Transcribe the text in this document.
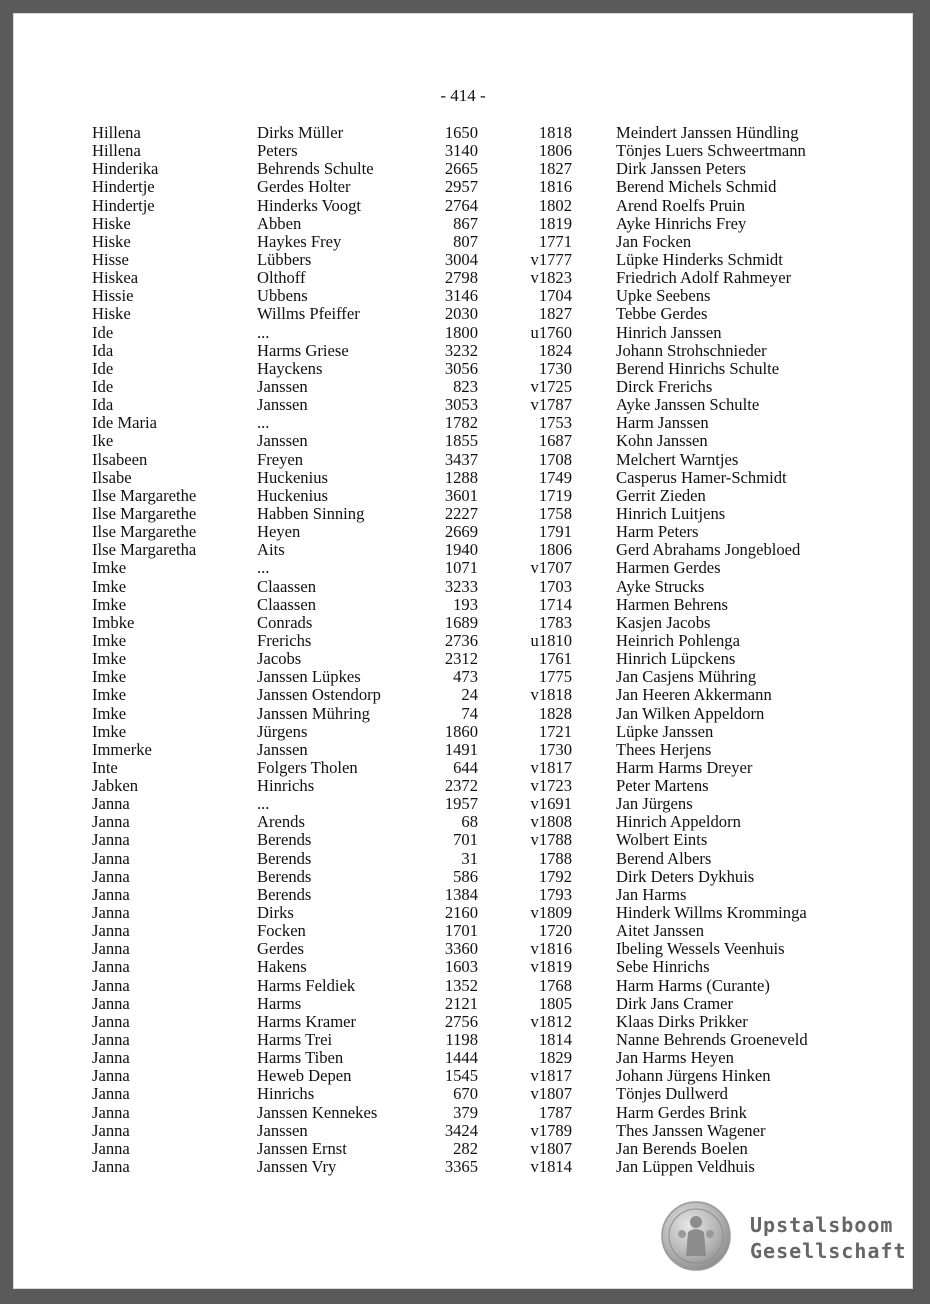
- 414 -
Hillena	Dirks Müller	1650	1818	Meindert Janssen Hündling
Hillena	Peters	3140	1806	Tönjes Luers Schweertmann
Hinderika	Behrends Schulte	2665	1827	Dirk Janssen Peters
Hindertje	Gerdes Holter	2957	1816	Berend Michels Schmid
Hindertje	Hinderks Voogt	2764	1802	Arend Roelfs Pruin
Hiske	Abben	867	1819	Ayke Hinrichs Frey
Hiske	Haykes Frey	807	1771	Jan Focken
Hisse	Lübbers	3004	v1777	Lüpke Hinderks Schmidt
Hiskea	Olthoff	2798	v1823	Friedrich Adolf Rahmeyer
Hissie	Ubbens	3146	1704	Upke Seebens
Hiske	Willms Pfeiffer	2030	1827	Tebbe Gerdes
Ide	...	1800	u1760	Hinrich Janssen
Ida	Harms Griese	3232	1824	Johann Strohschnieder
Ide	Hayckens	3056	1730	Berend Hinrichs Schulte
Ide	Janssen	823	v1725	Dirck Frerichs
Ida	Janssen	3053	v1787	Ayke Janssen Schulte
Ide Maria	...	1782	1753	Harm Janssen
Ike	Janssen	1855	1687	Kohn Janssen
Ilsabeen	Freyen	3437	1708	Melchert Warntjes
Ilsabe	Huckenius	1288	1749	Casperus Hamer-Schmidt
Ilse Margarethe	Huckenius	3601	1719	Gerrit Zieden
Ilse Margarethe	Habben Sinning	2227	1758	Hinrich Luitjens
Ilse Margarethe	Heyen	2669	1791	Harm Peters
Ilse Margaretha	Aits	1940	1806	Gerd Abrahams Jongebloed
Imke	...	1071	v1707	Harmen Gerdes
Imke	Claassen	3233	1703	Ayke Strucks
Imke	Claassen	193	1714	Harmen Behrens
Imbke	Conrads	1689	1783	Kasjen Jacobs
Imke	Frerichs	2736	u1810	Heinrich Pohlenga
Imke	Jacobs	2312	1761	Hinrich Lüpckens
Imke	Janssen Lüpkes	473	1775	Jan Casjens Mühring
Imke	Janssen Ostendorp	24	v1818	Jan Heeren Akkermann
Imke	Janssen Mühring	74	1828	Jan Wilken Appeldorn
Imke	Jürgens	1860	1721	Lüpke Janssen
Immerke	Janssen	1491	1730	Thees Herjens
Inte	Folgers Tholen	644	v1817	Harm Harms Dreyer
Jabken	Hinrichs	2372	v1723	Peter Martens
Janna	...	1957	v1691	Jan Jürgens
Janna	Arends	68	v1808	Hinrich Appeldorn
Janna	Berends	701	v1788	Wolbert Eints
Janna	Berends	31	1788	Berend Albers
Janna	Berends	586	1792	Dirk Deters Dykhuis
Janna	Berends	1384	1793	Jan Harms
Janna	Dirks	2160	v1809	Hinderk Willms Kromminga
Janna	Focken	1701	1720	Aitet Janssen
Janna	Gerdes	3360	v1816	Ibeling Wessels Veenhuis
Janna	Hakens	1603	v1819	Sebe Hinrichs
Janna	Harms Feldiek	1352	1768	Harm Harms (Curante)
Janna	Harms	2121	1805	Dirk Jans Cramer
Janna	Harms Kramer	2756	v1812	Klaas Dirks Prikker
Janna	Harms Trei	1198	1814	Nanne Behrends Groeneveld
Janna	Harms Tiben	1444	1829	Jan Harms Heyen
Janna	Heweb Depen	1545	v1817	Johann Jürgens Hinken
Janna	Hinrichs	670	v1807	Tönjes Dullwerd
Janna	Janssen Kennekes	379	1787	Harm Gerdes Brink
Janna	Janssen	3424	v1789	Thes Janssen Wagener
Janna	Janssen Ernst	282	v1807	Jan Berends Boelen
Janna	Janssen Vry	3365	v1814	Jan Lüppen Veldhuis
Upstalsboom
Gesellschaft
